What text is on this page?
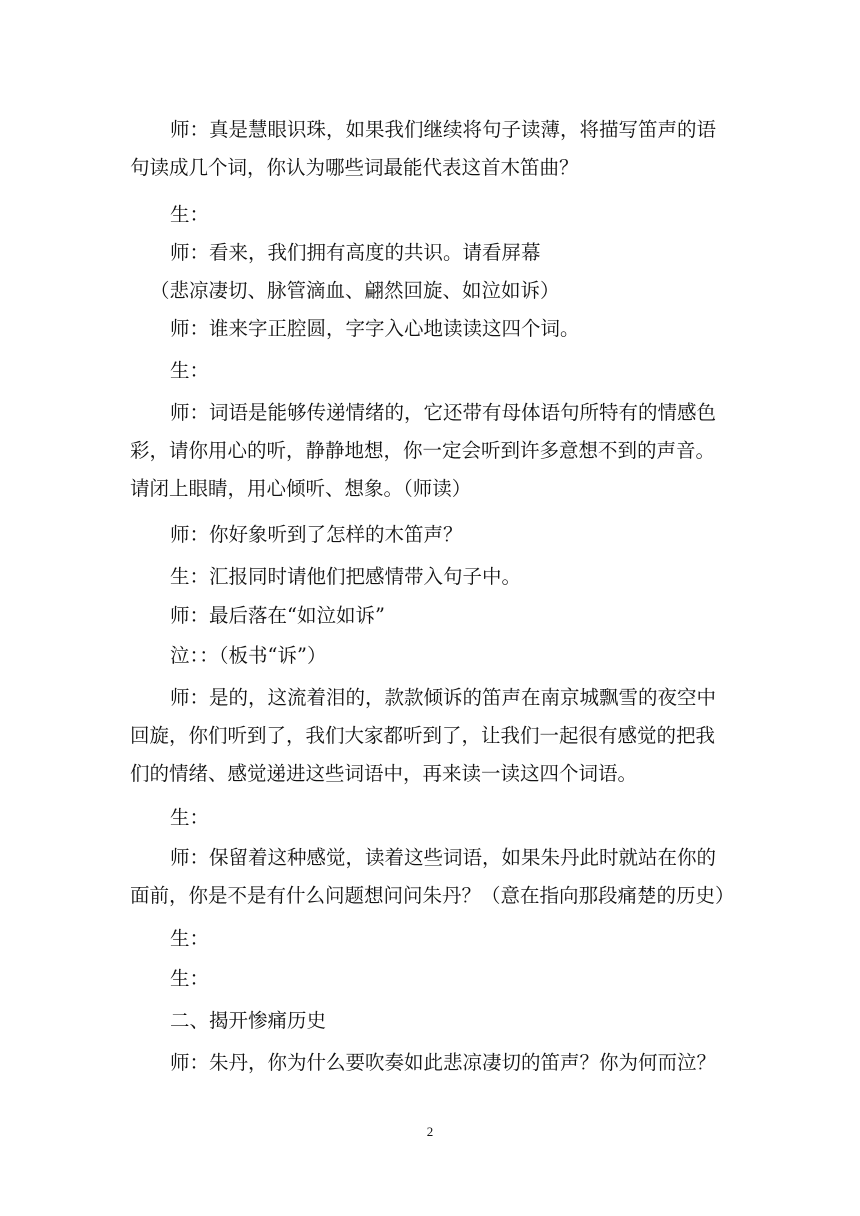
师：真是慧眼识珠，如果我们继续将句子读薄，将描写笛声的语
句读成几个词，你认为哪些词最能代表这首木笛曲？
生：
师：看来，我们拥有高度的共识。请看屏幕
（悲凉凄切、脉管滴血、翩然回旋、如泣如诉）
师：谁来字正腔圆，字字入心地读读这四个词。
生：
师：词语是能够传递情绪的，它还带有母体语句所特有的情感色
彩，请你用心的听，静静地想，你一定会听到许多意想不到的声音。
请闭上眼睛，用心倾听、想象。（师读）
师：你好象听到了怎样的木笛声？
生：汇报同时请他们把感情带入句子中。
师：最后落在“如泣如诉”
泣：：（板书“诉”）
师：是的，这流着泪的，款款倾诉的笛声在南京城飘雪的夜空中
回旋，你们听到了，我们大家都听到了，让我们一起很有感觉的把我
们的情绪、感觉递进这些词语中，再来读一读这四个词语。
生：
师：保留着这种感觉，读着这些词语，如果朱丹此时就站在你的
面前，你是不是有什么问题想问问朱丹？（意在指向那段痛楚的历史）
生：
生：
二、揭开惨痛历史
师：朱丹，你为什么要吹奏如此悲凉凄切的笛声？你为何而泣？
2
